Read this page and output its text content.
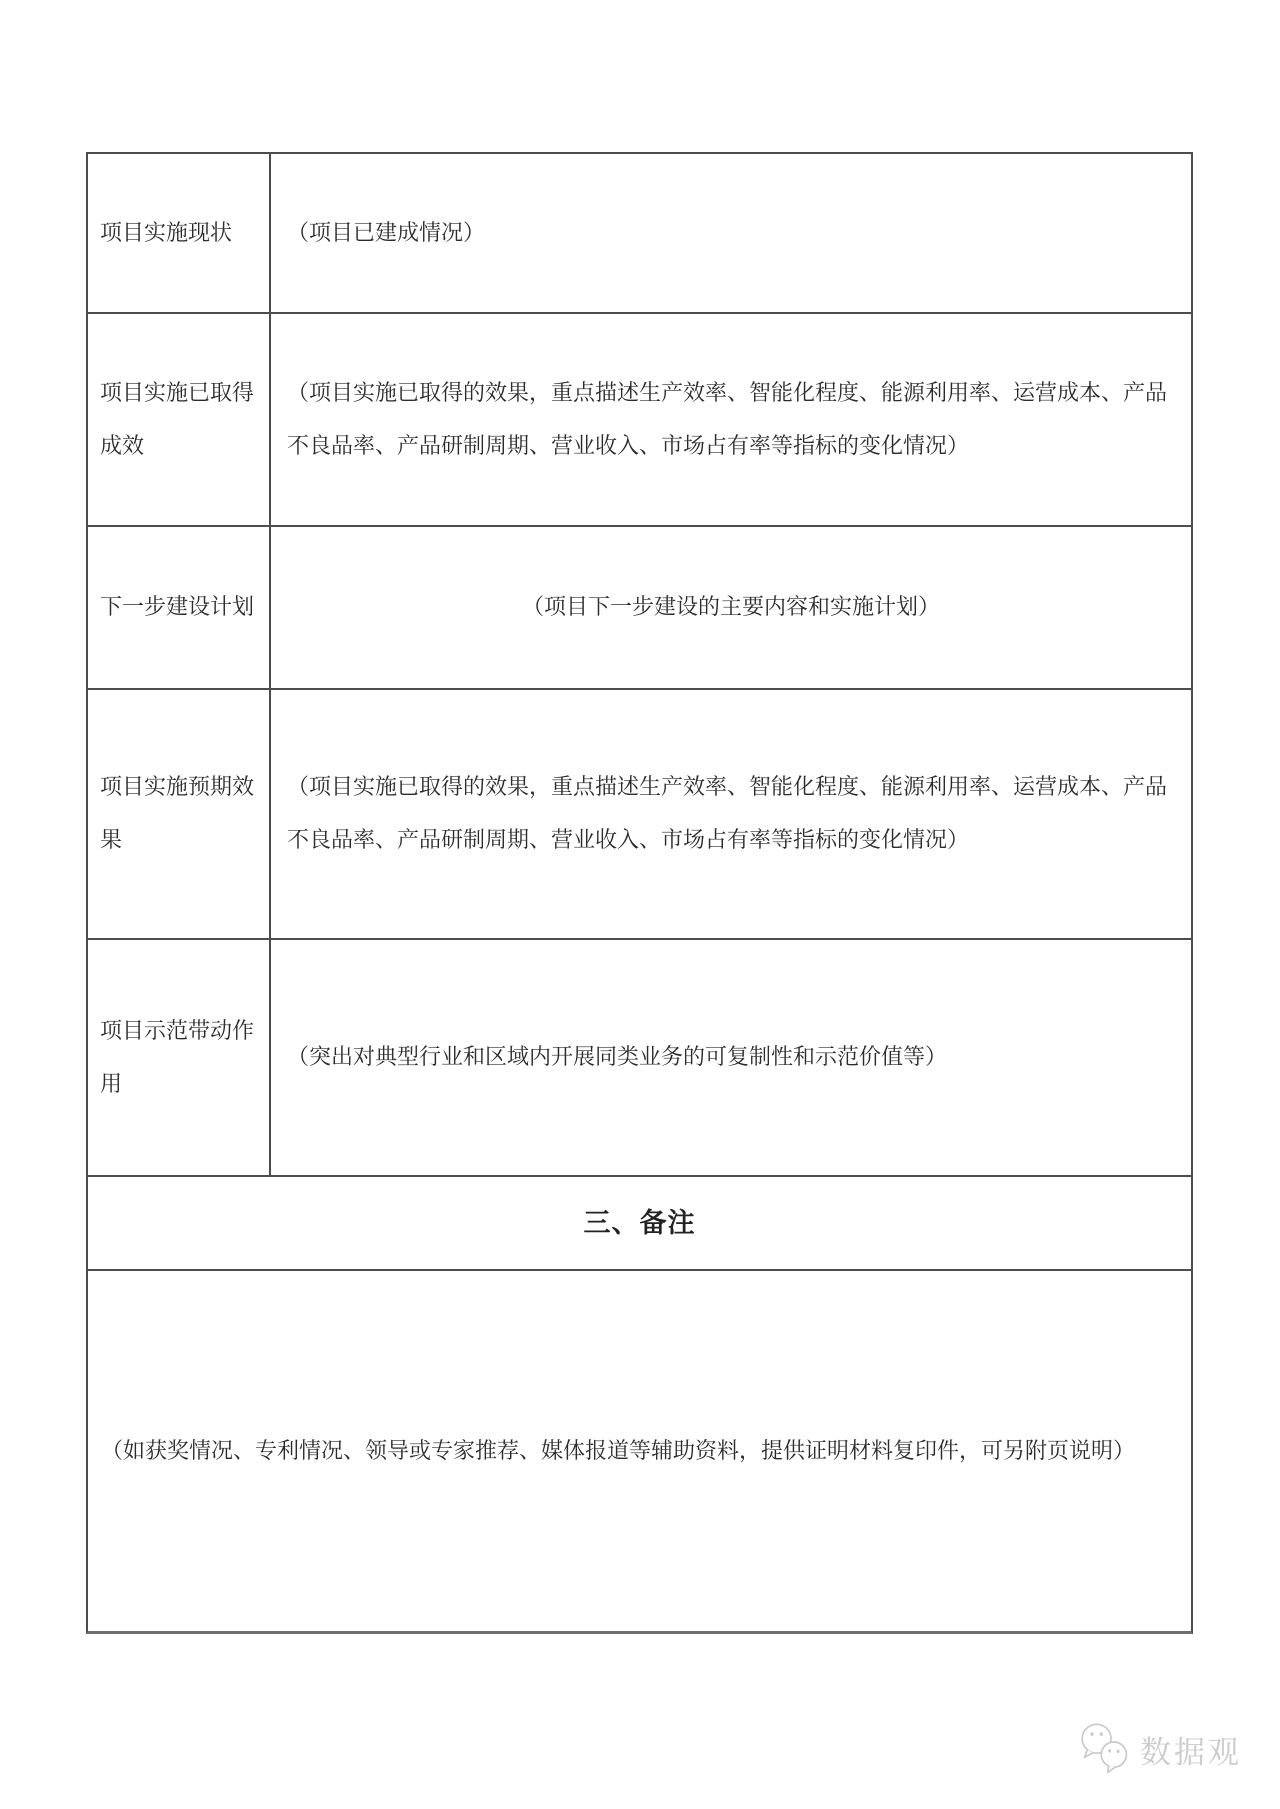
项目实施现状	（项目已建成情况）
项目实施已取得成效
（项目实施已取得的效果，重点描述生产效率、智能化程度、能源利用率、运营成本、产品不良品率、产品研制周期、营业收入、市场占有率等指标的变化情况）
下一步建设计划	（项目下一步建设的主要内容和实施计划）
项目实施预期效果
（项目实施已取得的效果，重点描述生产效率、智能化程度、能源利用率、运营成本、产品不良品率、产品研制周期、营业收入、市场占有率等指标的变化情况）
项目示范带动作用
（突出对典型行业和区域内开展同类业务的可复制性和示范价值等）
三、备注
（如获奖情况、专利情况、领导或专家推荐、媒体报道等辅助资料，提供证明材料复印件，可另附页说明）
数据观
